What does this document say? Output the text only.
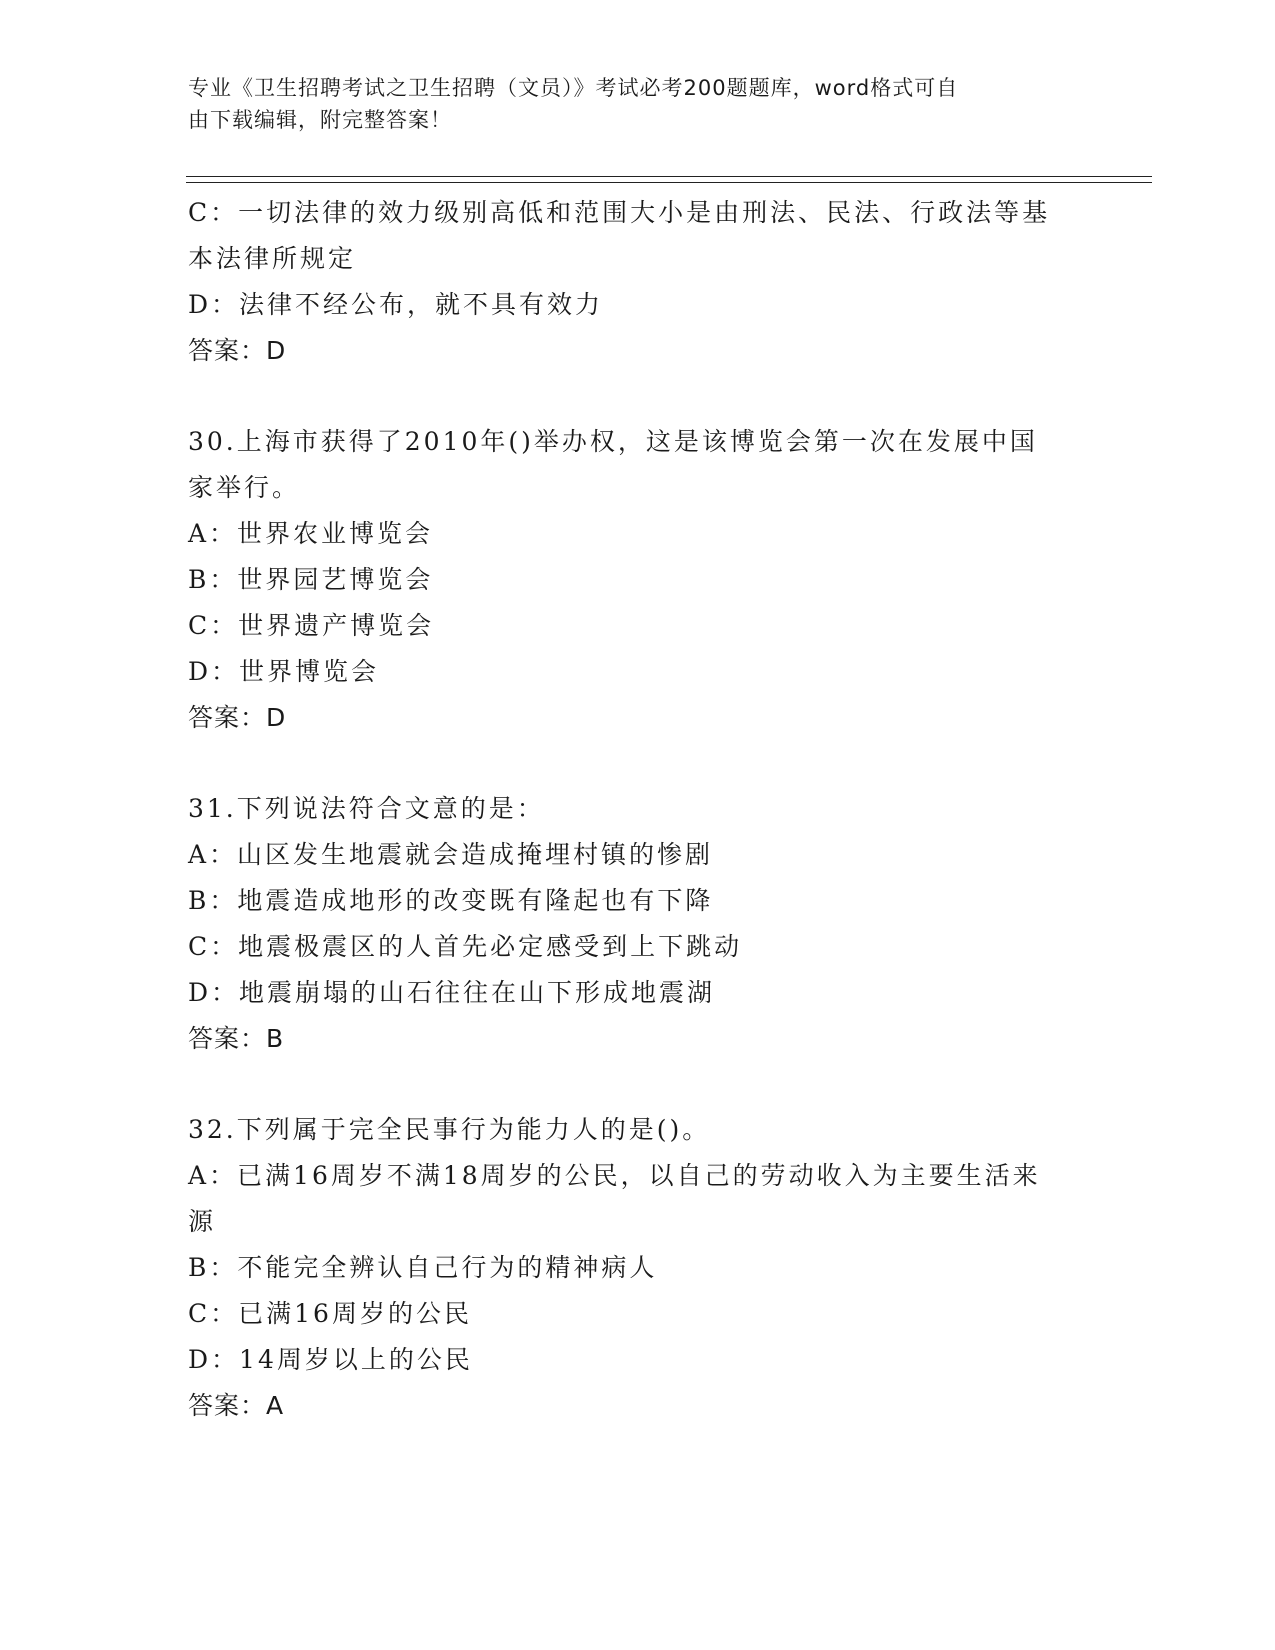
专业《卫生招聘考试之卫生招聘（文员）》考试必考200题题库，word格式可自
由下载编辑，附完整答案！
C：一切法律的效力级别高低和范围大小是由刑法、民法、行政法等基
本法律所规定
D：法律不经公布，就不具有效力
答案：D
30.上海市获得了2010年()举办权，这是该博览会第一次在发展中国
家举行。
A：世界农业博览会
B：世界园艺博览会
C：世界遗产博览会
D：世界博览会
答案：D
31.下列说法符合文意的是：
A：山区发生地震就会造成掩埋村镇的惨剧
B：地震造成地形的改变既有隆起也有下降
C：地震极震区的人首先必定感受到上下跳动
D：地震崩塌的山石往往在山下形成地震湖
答案：B
32.下列属于完全民事行为能力人的是()。
A：已满16周岁不满18周岁的公民，以自己的劳动收入为主要生活来
源
B：不能完全辨认自己行为的精神病人
C：已满16周岁的公民
D：14周岁以上的公民
答案：A
